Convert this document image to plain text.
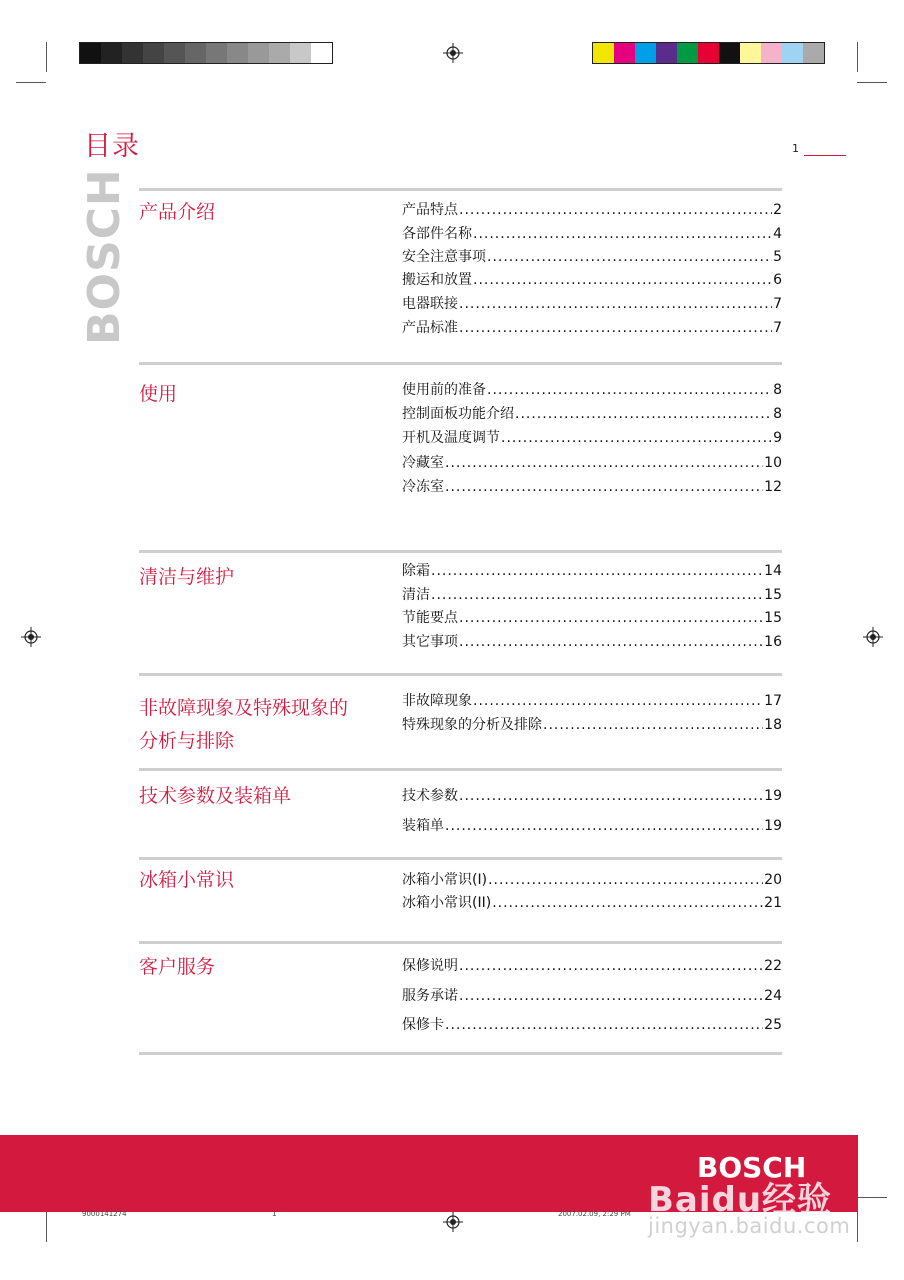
目录	1
BOSCH 产品介绍	产品特点 .....	2
各部件名称 .....	4
安全注意事项 .....	5
搬运和放置 .....	6
电器联接 .....	7
产品标准 .....	7
使用	使用前的准备 .....	8
控制面板功能介绍 .....	8
开机及温度调节 .....	9
冷藏室 .....	10
冷冻室 .....	12
清洁与维护	除霜 .....	14
清洁 .....	15
节能要点 .....	15
其它事项 .....	16
非故障现象及特殊现象的
分析与排除
非故障现象 .....	17
特殊现象的分析及排除 .....	18
技术参数及装箱单	技术参数 .....	19
装箱单 .....	19
冰箱小常识	冰箱小常识(I) .....	20
冰箱小常识(II) .....	21
客户服务	保修说明 .....	22
服务承诺 .....	24
保修卡 .....	25
BOSCH
Baidu经验
jingyan.baidu.com
9000141274	1	2007.02.09, 2:29 PM
